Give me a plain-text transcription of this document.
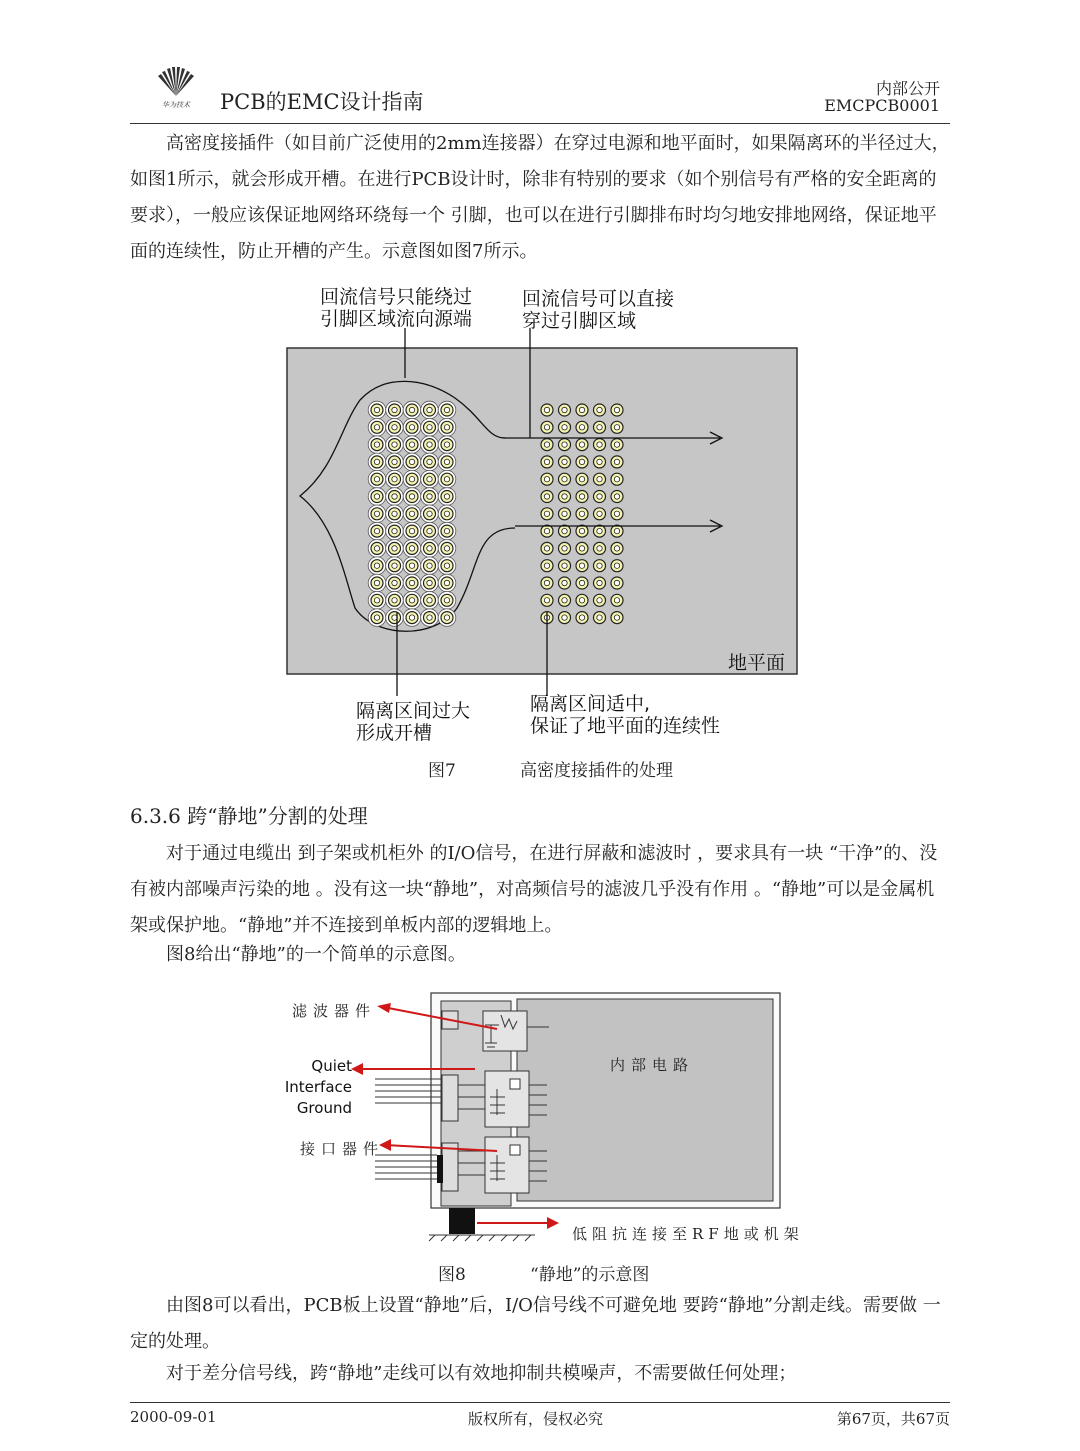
华为技术 PCB的EMC设计指南
内部公开
EMCPCB0001
高密度接插件（如目前广泛使用的2mm连接器）在穿过电源和地平面时，如果隔离环的半径过大，如图1所示，就会形成开槽。在进行PCB设计时，除非有特别的要求（如个别信号有严格的安全距离的要求），一般应该保证地网络环绕每一个 引脚，也可以在进行引脚排布时均匀地安排地网络，保证地平面的连续性，防止开槽的产生。示意图如图7所示。
回流信号只能绕过
引脚区域流向源端
回流信号可以直接
穿过引脚区域
地平面
隔离区间过大
形成开槽
隔离区间适中,
保证了地平面的连续性
图7	高密度接插件的处理
6.3.6 跨“静地”分割的处理
对于通过电缆出 到子架或机柜外 的I/O信号，在进行屏蔽和滤波时 ，要求具有一块 “干净”的、没有被内部噪声污染的地 。没有这一块“静地”，对高频信号的滤波几乎没有作用 。“静地”可以是金属机架或保护地。“静地”并不连接到单板内部的逻辑地上。
图8给出“静地”的一个简单的示意图。
滤波器件
Quiet
Interface
Ground
接口器件
内部电路
低阻抗连接至RF地或机架
图8	“静地”的示意图
由图8可以看出，PCB板上设置“静地”后，I/O信号线不可避免地 要跨“静地”分割走线。需要做 一定的处理。
对于差分信号线，跨“静地”走线可以有效地抑制共模噪声，不需要做任何处理；
2000-09-01	版权所有，侵权必究	第67页，共67页
